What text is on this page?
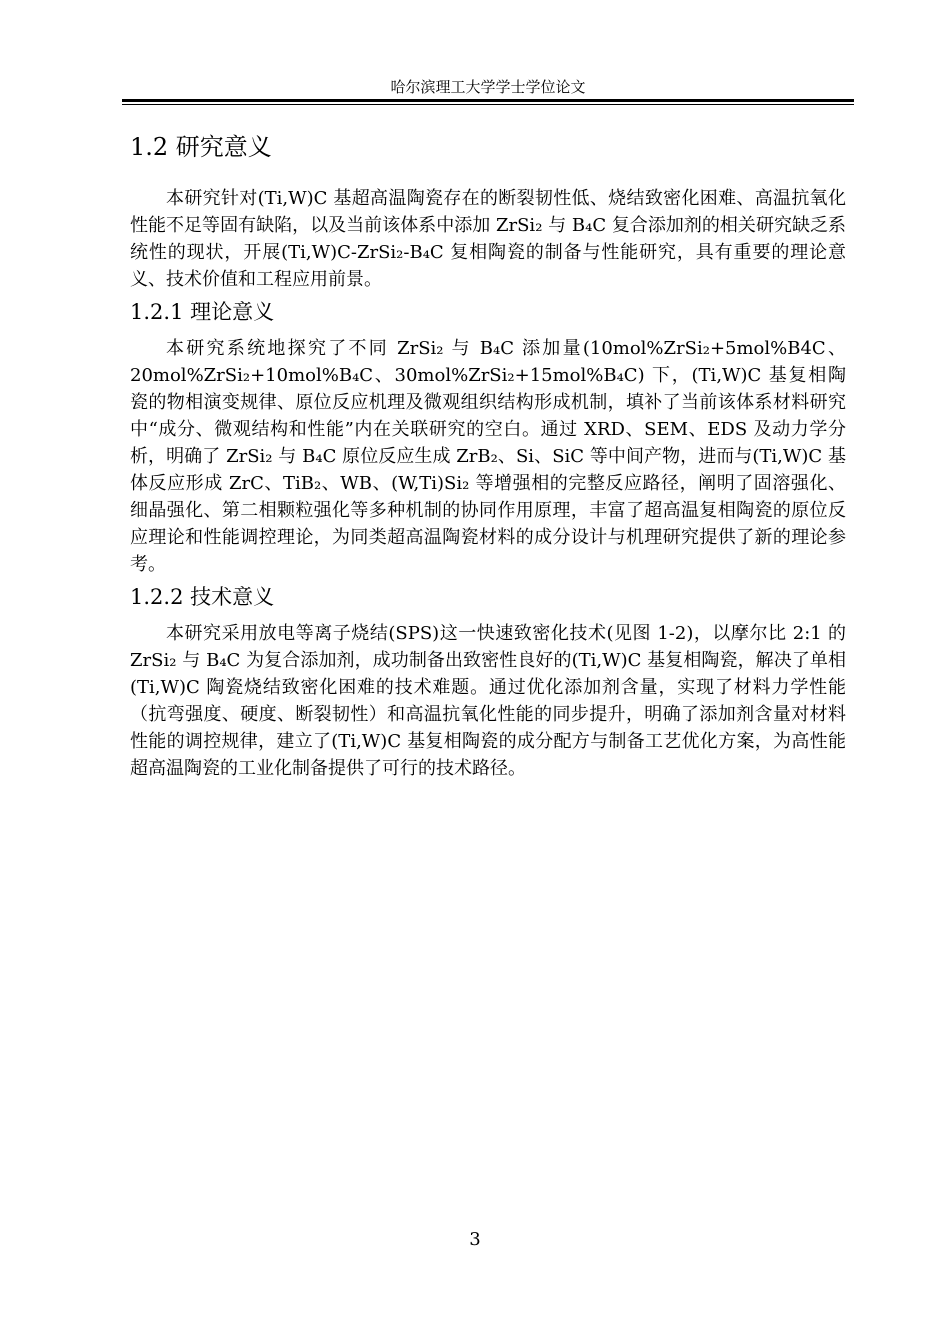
哈尔滨理工大学学士学位论文
1.2 研究意义

本研究针对(Ti,W)C 基超高温陶瓷存在的断裂韧性低、烧结致密化困难、高温抗氧化性能不足等固有缺陷，以及当前该体系中添加 ZrSi₂ 与 B₄C 复合添加剂的相关研究缺乏系统性的现状，开展(Ti,W)C-ZrSi₂-B₄C 复相陶瓷的制备与性能研究，具有重要的理论意义、技术价值和工程应用前景。

1.2.1 理论意义

本研究系统地探究了不同 ZrSi₂ 与 B₄C 添加量(10mol%ZrSi₂+5mol%B4C、20mol%ZrSi₂+10mol%B₄C、30mol%ZrSi₂+15mol%B₄C) 下，(Ti,W)C 基复相陶瓷的物相演变规律、原位反应机理及微观组织结构形成机制，填补了当前该体系材料研究中“成分、微观结构和性能”内在关联研究的空白。通过 XRD、SEM、EDS 及动力学分析，明确了 ZrSi₂ 与 B₄C 原位反应生成 ZrB₂、Si、SiC 等中间产物，进而与(Ti,W)C 基体反应形成 ZrC、TiB₂、WB、(W,Ti)Si₂ 等增强相的完整反应路径，阐明了固溶强化、细晶强化、第二相颗粒强化等多种机制的协同作用原理，丰富了超高温复相陶瓷的原位反应理论和性能调控理论，为同类超高温陶瓷材料的成分设计与机理研究提供了新的理论参考。

1.2.2 技术意义

本研究采用放电等离子烧结(SPS)这一快速致密化技术(见图 1-2)，以摩尔比 2:1 的 ZrSi₂ 与 B₄C 为复合添加剂，成功制备出致密性良好的(Ti,W)C 基复相陶瓷，解决了单相(Ti,W)C 陶瓷烧结致密化困难的技术难题。通过优化添加剂含量，实现了材料力学性能（抗弯强度、硬度、断裂韧性）和高温抗氧化性能的同步提升，明确了添加剂含量对材料性能的调控规律，建立了(Ti,W)C 基复相陶瓷的成分配方与制备工艺优化方案，为高性能超高温陶瓷的工业化制备提供了可行的技术路径。

3
